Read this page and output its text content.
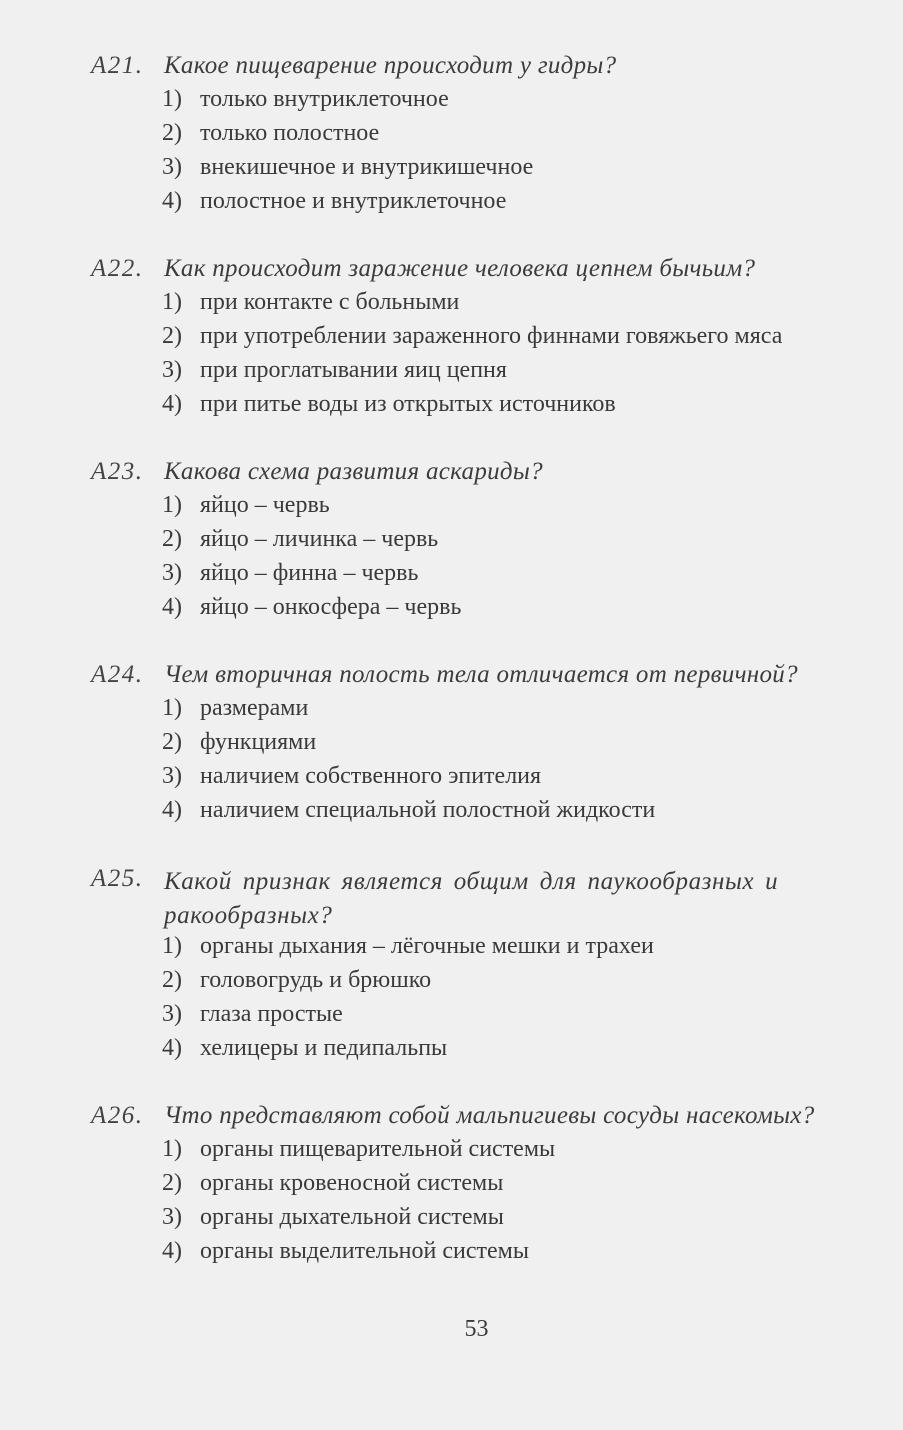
А21. Какое пищеварение происходит у гидры?
1) только внутриклеточное
2) только полостное
3) внекишечное и внутрикишечное
4) полостное и внутриклеточное
А22. Как происходит заражение человека цепнем бычьим?
1) при контакте с больными
2) при употреблении зараженного финнами говяжьего мяса
3) при проглатывании яиц цепня
4) при питье воды из открытых источников
А23. Какова схема развития аскариды?
1) яйцо – червь
2) яйцо – личинка – червь
3) яйцо – финна – червь
4) яйцо – онкосфера – червь
А24. Чем вторичная полость тела отличается от первичной?
1) размерами
2) функциями
3) наличием собственного эпителия
4) наличием специальной полостной жидкости
А25. Какой признак является общим для паукообразных и ракообразных?
1) органы дыхания – лёгочные мешки и трахеи
2) головогрудь и брюшко
3) глаза простые
4) хелицеры и педипальпы
А26. Что представляют собой мальпигиевы сосуды насекомых?
1) органы пищеварительной системы
2) органы кровеносной системы
3) органы дыхательной системы
4) органы выделительной системы
53
